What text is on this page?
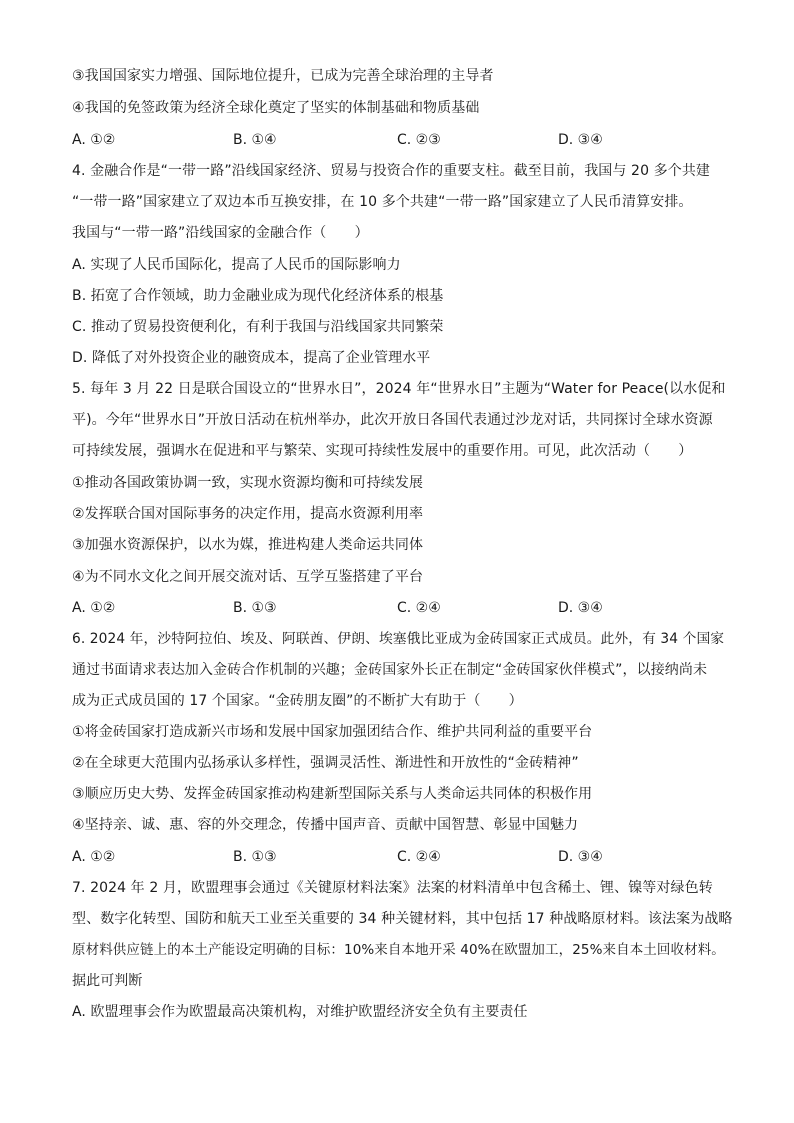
③我国国家实力增强、国际地位提升，已成为完善全球治理的主导者
④我国的免签政策为经济全球化奠定了坚实的体制基础和物质基础
A. ①②	B. ①④	C. ②③	D. ③④
4. 金融合作是“一带一路”沿线国家经济、贸易与投资合作的重要支柱。截至目前，我国与 20 多个共建
“一带一路”国家建立了双边本币互换安排，在 10 多个共建“一带一路”国家建立了人民币清算安排。
我国与“一带一路”沿线国家的金融合作（　　）
A. 实现了人民币国际化，提高了人民币的国际影响力
B. 拓宽了合作领域，助力金融业成为现代化经济体系的根基
C. 推动了贸易投资便利化，有利于我国与沿线国家共同繁荣
D. 降低了对外投资企业的融资成本，提高了企业管理水平
5. 每年 3 月 22 日是联合国设立的“世界水日”，2024 年“世界水日”主题为“Water for Peace(以水促和
平)。今年“世界水日”开放日活动在杭州举办，此次开放日各国代表通过沙龙对话，共同探讨全球水资源
可持续发展，强调水在促进和平与繁荣、实现可持续性发展中的重要作用。可见，此次活动（　　）
①推动各国政策协调一致，实现水资源均衡和可持续发展
②发挥联合国对国际事务的决定作用，提高水资源利用率
③加强水资源保护，以水为媒，推进构建人类命运共同体
④为不同水文化之间开展交流对话、互学互鉴搭建了平台
A. ①②	B. ①③	C. ②④	D. ③④
6. 2024 年，沙特阿拉伯、埃及、阿联酋、伊朗、埃塞俄比亚成为金砖国家正式成员。此外，有 34 个国家
通过书面请求表达加入金砖合作机制的兴趣；金砖国家外长正在制定“金砖国家伙伴模式”，以接纳尚未
成为正式成员国的 17 个国家。“金砖朋友圈”的不断扩大有助于（　　）
①将金砖国家打造成新兴市场和发展中国家加强团结合作、维护共同利益的重要平台
②在全球更大范围内弘扬承认多样性，强调灵活性、渐进性和开放性的“金砖精神”
③顺应历史大势、发挥金砖国家推动构建新型国际关系与人类命运共同体的积极作用
④坚持亲、诚、惠、容的外交理念，传播中国声音、贡献中国智慧、彰显中国魅力
A. ①②	B. ①③	C. ②④	D. ③④
7. 2024 年 2 月，欧盟理事会通过《关键原材料法案》法案的材料清单中包含稀土、锂、镍等对绿色转
型、数字化转型、国防和航天工业至关重要的 34 种关键材料，其中包括 17 种战略原材料。该法案为战略
原材料供应链上的本土产能设定明确的目标：10%来自本地开采 40%在欧盟加工，25%来自本土回收材料。
据此可判断
A. 欧盟理事会作为欧盟最高决策机构，对维护欧盟经济安全负有主要责任
